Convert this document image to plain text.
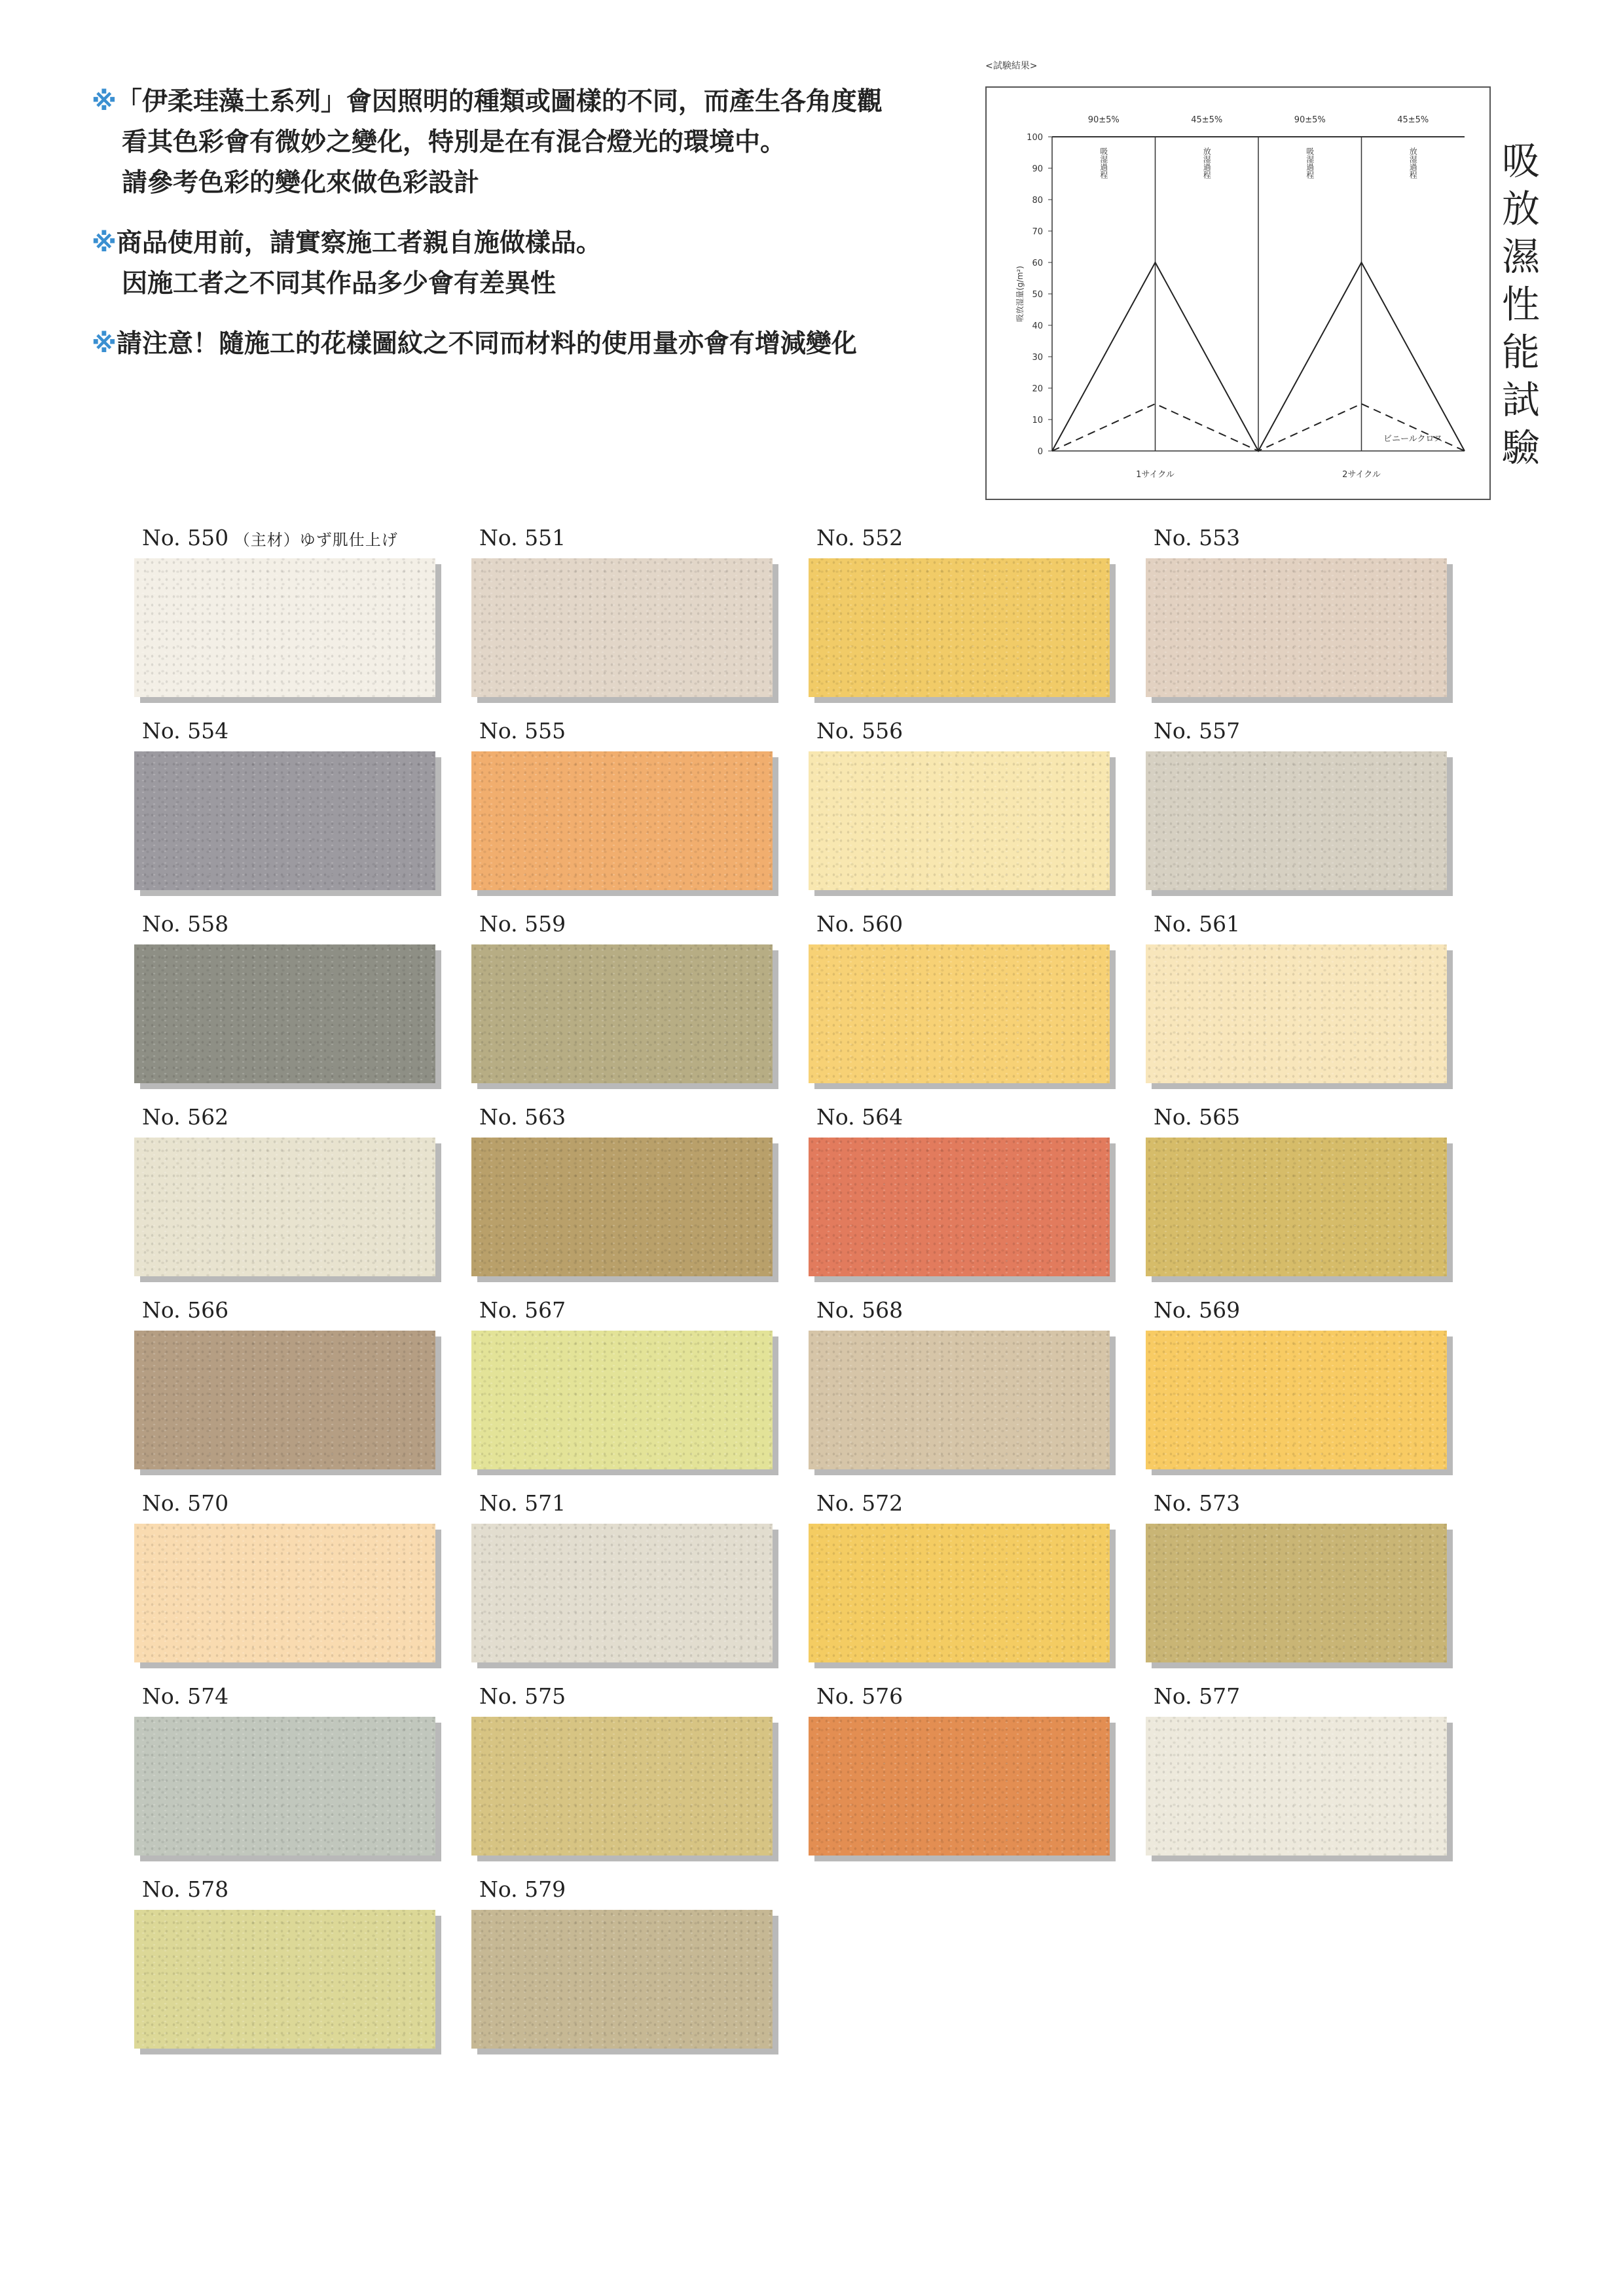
※「伊柔珪藻土系列」會因照明的種類或圖樣的不同，而產生各角度觀
看其色彩會有微妙之變化，特別是在有混合燈光的環境中。
請參考色彩的變化來做色彩設計
※商品使用前，請實察施工者親自施做樣品。
因施工者之不同其作品多少會有差異性
※請注意！隨施工的花樣圖紋之不同而材料的使用量亦會有增減變化
<試験結果>
0
10
20
30
40
50
60
70
80
90
100
吸放湿量(g/m²)
90±5%	45±5%	90±5%	45±5%
吸湿過程	放湿過程	吸湿過程	放湿過程
ビニールクロス
1サイクル	2サイクル
吸放濕性能試驗
No. 550 （主材）ゆず肌仕上げ	No. 551	No. 552	No. 553
No. 554	No. 555	No. 556	No. 557
No. 558	No. 559	No. 560	No. 561
No. 562	No. 563	No. 564	No. 565
No. 566	No. 567	No. 568	No. 569
No. 570	No. 571	No. 572	No. 573
No. 574	No. 575	No. 576	No. 577
No. 578	No. 579
